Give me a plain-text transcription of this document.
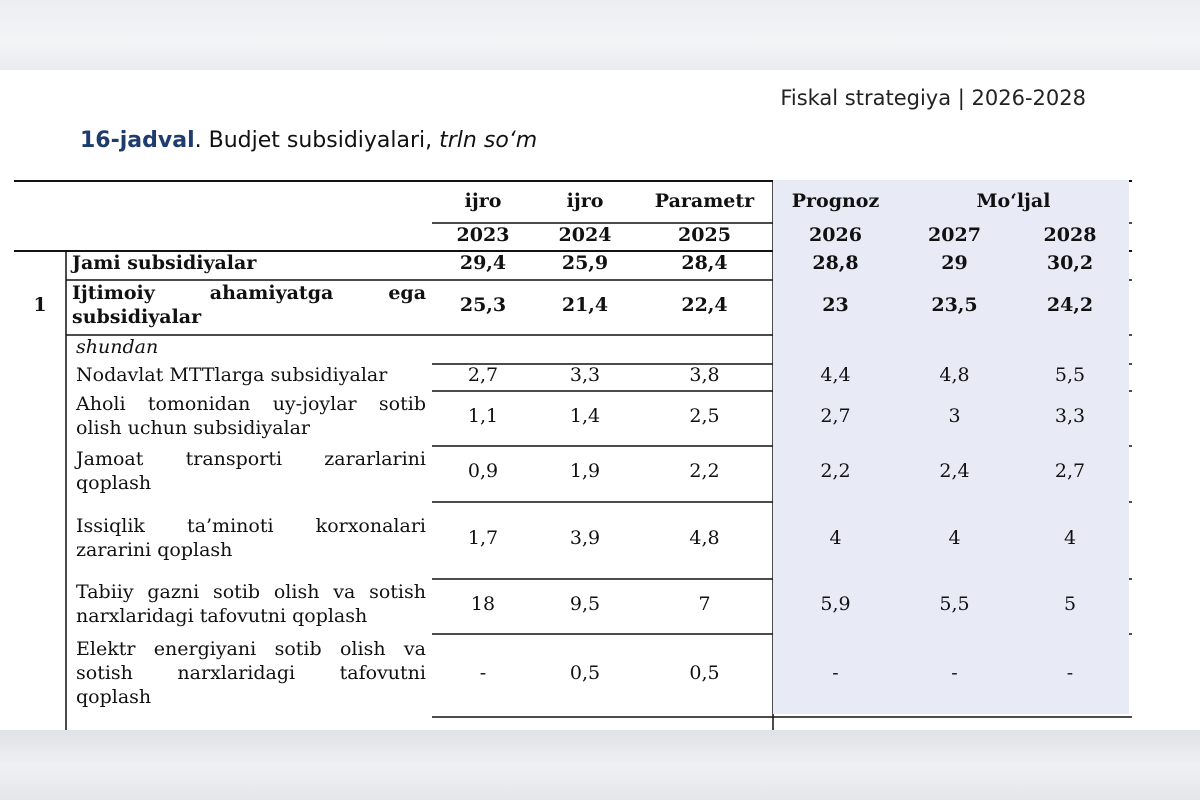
Fiskal strategiya | 2026-2028
16-jadval. Budjet subsidiyalari, trln so‘m
		ijro	ijro	Parametr	Prognoz	Mo‘ljal	
		2023	2024	2025	2026	2027	2028
1	Jami subsidiyalar	29,4	25,9	28,4	28,8	29	30,2
	Ijtimoiy ahamiyatga ega subsidiyalar	25,3	21,4	22,4	23	23,5	24,2
	shundan						
	Nodavlat MTTlarga subsidiyalar	2,7	3,3	3,8	4,4	4,8	5,5
	Aholi tomonidan uy-joylar sotib olish uchun subsidiyalar	1,1	1,4	2,5	2,7	3	3,3
	Jamoat transporti zararlarini qoplash	0,9	1,9	2,2	2,2	2,4	2,7
	Issiqlik ta’minoti korxonalari zararini qoplash	1,7	3,9	4,8	4	4	4
	Tabiiy gazni sotib olish va sotish narxlaridagi tafovutni qoplash	18	9,5	7	5,9	5,5	5
	Elektr energiyani sotib olish va sotish narxlaridagi tafovutni qoplash	-	0,5	0,5	-	-	-
